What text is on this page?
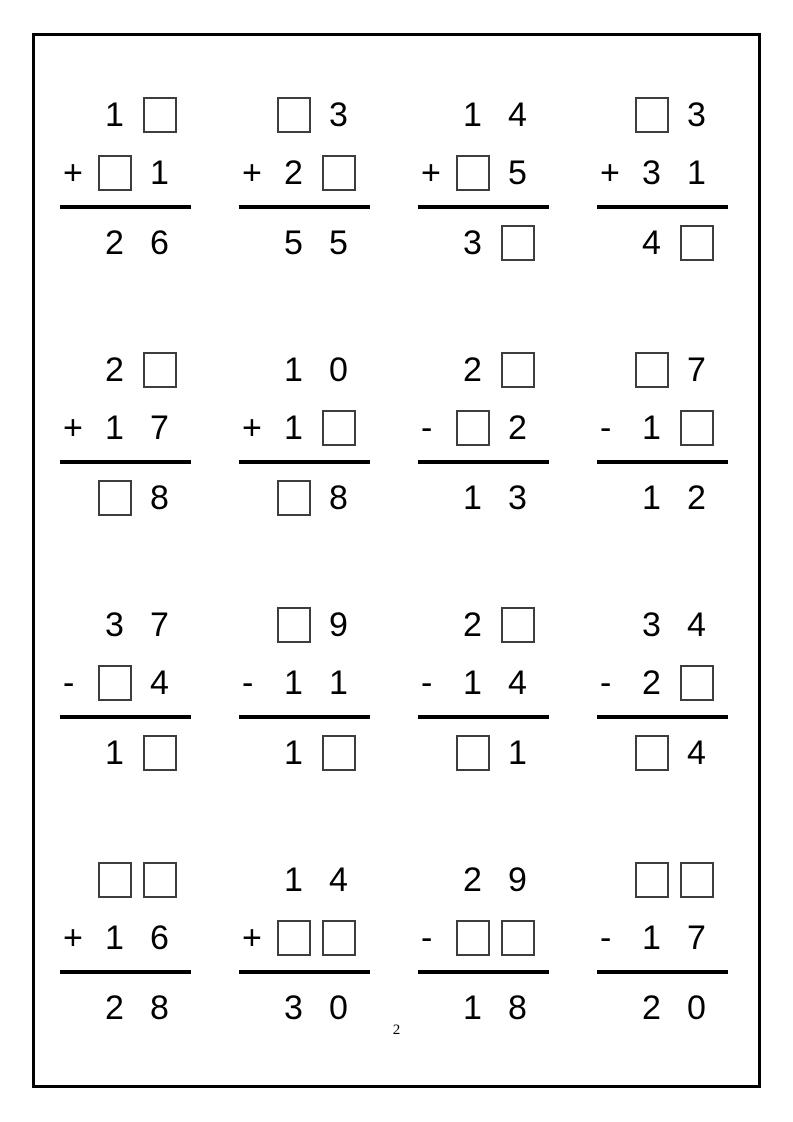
1
+	1
2 6
3
+ 2
5 5
1 4
+	5
3
3
+ 3 1
4
2
+ 1 7
8
1 0
+ 1
8
2
-	2
1 3
7
- 1
1 2
3 7
-	4
1
9
- 1 1
1
2
- 1 4
1
3 4
- 2
4
+ 1 6
2 8
1 4
+
3 0
2 9
-
1 8
- 1 7
2 0
2
